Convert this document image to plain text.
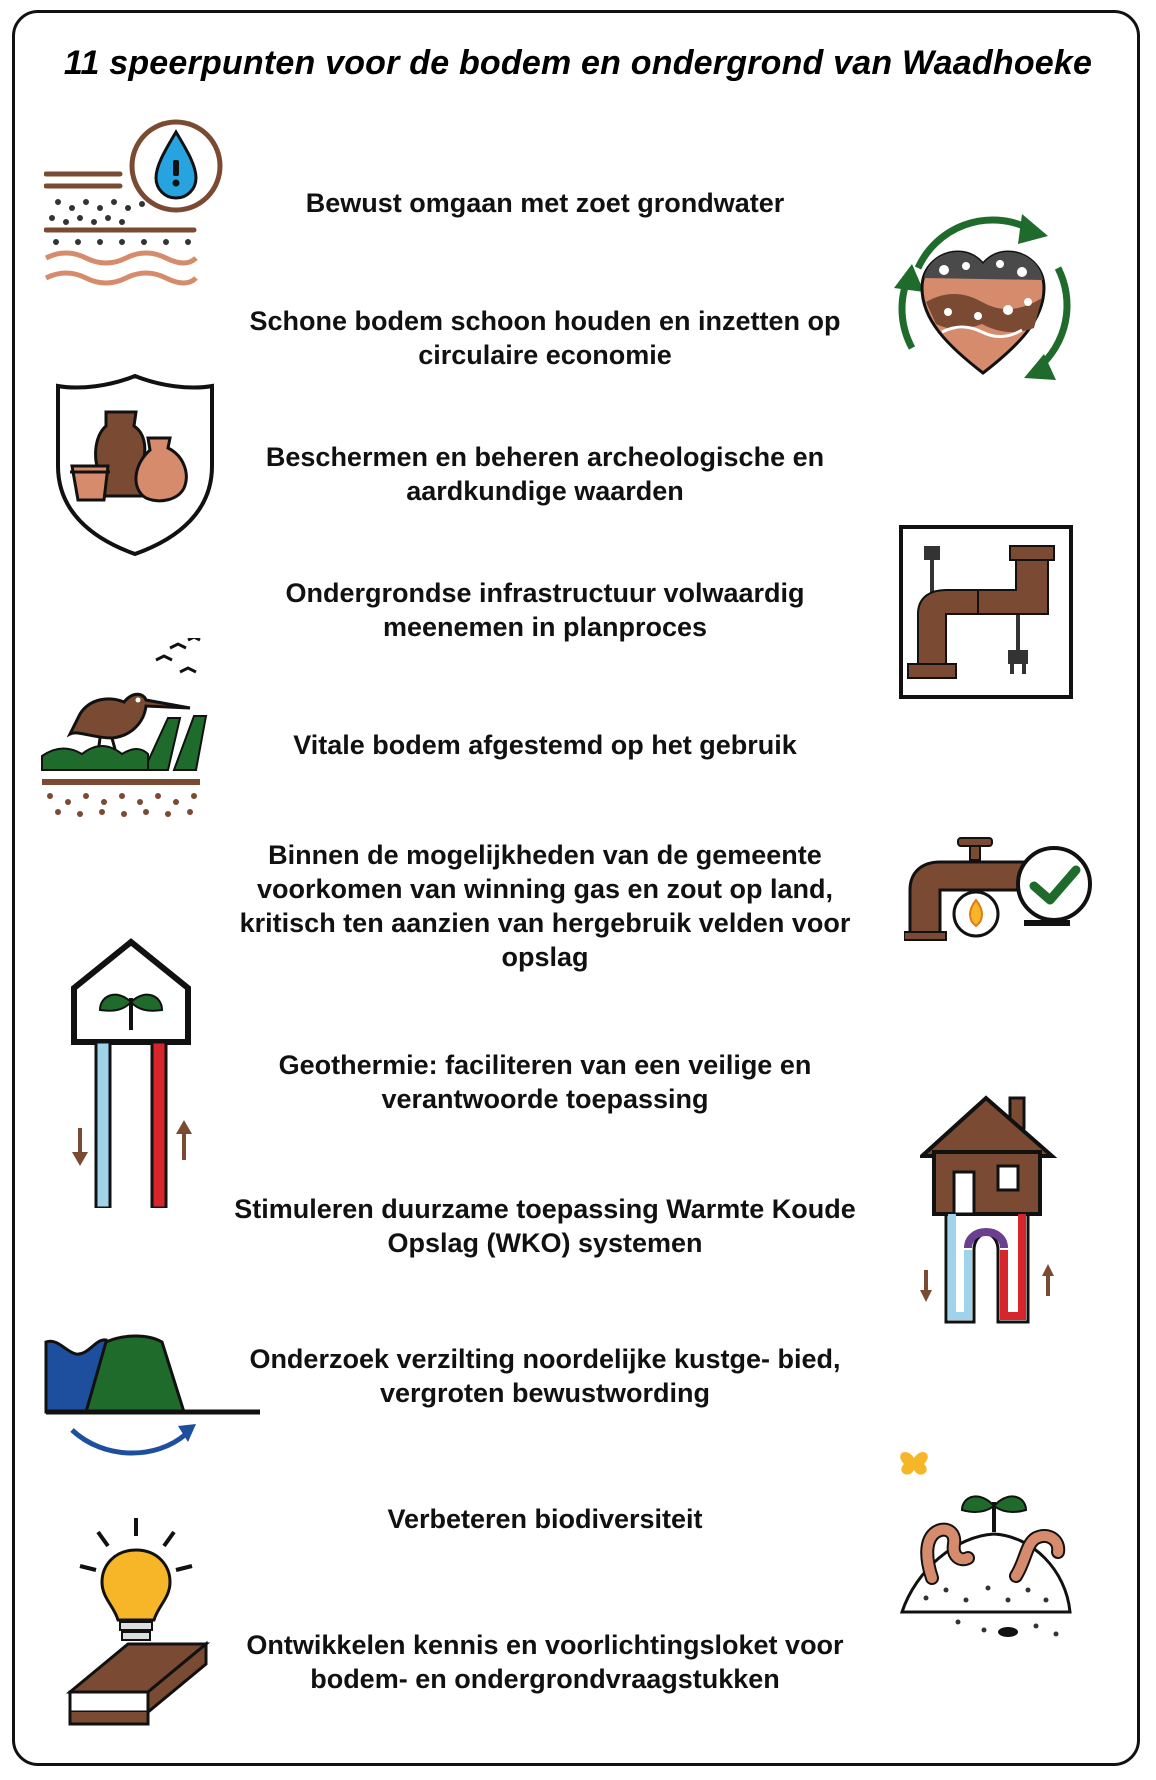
11 speerpunten voor de bodem en ondergrond van Waadhoeke
Bewust omgaan met zoet grondwater
Schone bodem schoon houden en inzetten op circulaire economie
Beschermen en beheren archeologische en aardkundige waarden
Ondergrondse infrastructuur volwaardig meenemen in planproces
Vitale bodem afgestemd op het gebruik
Binnen de mogelijkheden van de gemeente voorkomen van winning gas en zout op land, kritisch ten aanzien van hergebruik velden voor opslag
Geothermie: faciliteren van een veilige en verantwoorde toepassing
Stimuleren duurzame toepassing Warmte Koude Opslag (WKO) systemen
Onderzoek verzilting noordelijke kustge- bied, vergroten bewustwording
Verbeteren biodiversiteit
Ontwikkelen kennis en voorlichtingsloket voor bodem- en ondergrondvraagstukken
